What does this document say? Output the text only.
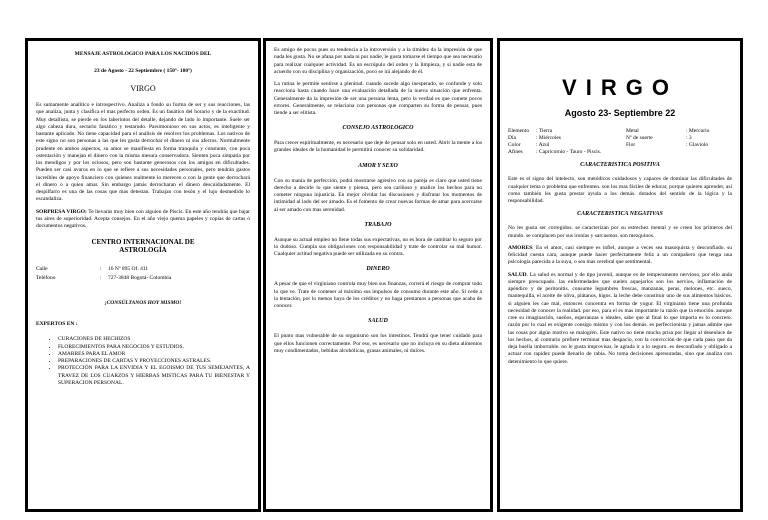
MENSAJE ASTROLOGICO PARA LOS NACIDOS DEL
23 de Agosto - 22 Septiembre ( 150º- 180º)
VIRGO

Es sumamente analítico e introspectivo. Analiza a fondo su forma de ser y sus reacciones, las que analiza, junta y clasifica el mas perfecto orden. Es un fanático del horario y de la exactitud. Muy detallista, se pierde en los laberintos del detalle, dejando de lado lo importante. Suele ser algo cabeza dura, sectario fanático y testarudo. Parsimonioso en sus actos, es inteligente y bastante aplicado. No tiene capacidad para el análisis de resolver los problemas. Los nativos de este signo no son personas a las que les gusta derrochar el dinero ni sus afectos. Normalmente prudente en ambos aspectos, su amor se manifiesta en forma tranquila y constante, con poca ostentación y manejan el dinero con la misma mesura conservadora. Sienten poca simpatía por los mendigos y por los ociosos, pero son bastante generosos con los amigos en dificultades. Pueden ser casi avaros en lo que se refiere a sus necesidades personales, pero tendrán gastos increíbles de apoyo financiero con quienes realmente lo merecen o con la gente que derrochará el dinero o a quien amar. Sin embargo jamás derrocharan el dinero descuidadamente. El despilfarro es una de las cosas que mas detestan. Trabajan con tesón y el lujo desmedido lo escandaliza.

SORPRESA VIRGO: Te llevarás muy bien con alguien de Piscis. En este año tendrás que bajar tus aires de superioridad. Acepta consejos. En el año viejo quema papeles y copias de cartas o documentos negativos.

CENTRO INTERNACIONAL DE
ASTROLOGÍA
Calle	:	16 Nº 895 Of. 411
Teléfono	:	727-3848 Bogotá- Colombia
¡CONSÚLTANOS HOY MISMO!
EXPERTOS EN :
• CURACIONES DE HECHIZOS
• FLORECIMIENTOS PARA NEGOCIOS Y ESTUDIOS.
• AMARRES PARA EL AMOR
• PREPARACIONES DE CARTAS Y PROYECCIONES ASTRALES.
• PROTECCIÓN PARA LA ENVIDIA Y EL EGOISMO DE TUS SEMEJANTES, A TRAVEZ DE LOS CUARZOS Y HIERBAS MISTICAS PARA TU BIENESTAR Y SUPERACION PERSONAL.

Es amigo de pocos pues su tendencia a la introversión y a la timidez da la impresión de que nada les gusta. No se afana por nada ni por nadie, le gusta tomarse el tiempo que sea necesario para realizar cualquier actividad. Es un escrúpulo del orden y la limpieza, y si nadie esta de acuerdo con su disciplina y organización, poco se irá alejando de él.

La rutina le permite sentirse a plenitud. cuando sucede algo inesperado, se confunde y solo reacciona hasta cuando hace una evaluación detallada de la nueva situación que enfrenta. Generalmente da la impresión de ser una persona lenta, pero la verdad es que comete pocos errores. Generalmente, se relaciona con personas que comparten su forma de pensar, pues tiende a ser elitista.

CONSEJO ASTROLOGICO

Para crecer espiritualmente, es necesario que deje de pensar solo en usted. Abrir la mente a los grandes ideales de la humanidad le permitirá conocer su solidaridad.

AMOR Y SEXO

Con su manía de perfección, podrá mostrarse agresivo con su pareja es claro que usted tiene derecho a decirle lo que siente y piensa, pero sea cariñoso y analice los hechos para no cometer ninguna injusticia. En mejor olvidar las discusiones y disfrutar los momentos de intimidad al lado del ser amado. Es el fomento de crear nuevas formas de amar para acercarse al ser amado con mas serenidad.

TRABAJO

Aunque su actual empleo no llene todas sus expectativas, no es hora de cambiar lo seguro por lo dudoso. Cumpla sus obligaciones con responsabilidad y trate de controlar su mal humor. Cualquier actitud negativa puede ser utilizada en su contra.

DINERO

A pesar de que el virginiano controla muy bien sus finanzas, correrá el riesgo de comprar todo lo que ve. Trate de contener al máximo sus impulsos de consumo durante este año. Si cede a la tentación, por lo menos huya de los créditos y no haga prestamos a personas que acaba de conocer.

SALUD

El punto mas vulnerable de su organismo son los intestinos. Tendrá que tener cuidado para que ellos funcionen correctamente. Por eso, es necesario que no incluya en su dieta alimentos muy condimentados, bebidas alcohólicas, grasas animales, ni dulces.

VIRGO
Agosto 23- Septiembre 22
Elemento	: Tierra	Metal	: Mercurio
Día	: Miércoles	Nº de suerte	: 3
Color	: Azul	Flor	: Glavíolo
Afines	: Capricornio - Tauro - Piscis.
CARACTERISTICA POSITIVA

Este es el signo del intelecto, son metódicos cuidadosos y capaces de dominar las dificultades de cualquier tema o problema que enfrenten. son los mas fáciles de educar, porque quieren aprender, así como también les gusta prestar ayuda a los demás. dotados del sentido de la lógica y la responsabilidad.

CARACTERISTICA NEGATIVAS

No les gusta ser corregidos. se caracterizan por su estrechez mental y se creen los primeros del mundo. se complacen por sus ironías y sarcasmos. son mezquinos.

AMORES: En el amor, casi siempre es infiel, aunque a veces sea masoquista y desconfiado. su felicidad cuesta cara, aunque puede hacer perfectamente feliz a un compañero que tenga una psicología parecida a la suya, o sea mas cerebral que sentimental.

SALUD. La salud es normal y de tipo juvenil, aunque es de temperamento nervioso, por ello anda siempre preocupado. las enfermedades que suelen aquejarlos son los nervios, inflamación de apéndice y de peritonitis. consume legumbres frescas, manzanas, peras, melones, etc. sueco, mantequilla, el aceite de oliva, plátanos, higos. la leche debe constituir uno de sus alimentos básicos. si alguien les cae mal, entonces concentra en forma de yogur. El virginiano tiene una profunda necesidad de conocer la realidad. por eso, para el es mas importante la razón que la emoción. aunque cree su imaginación, sueños, esperanzas o ideales, sabe que al final lo que importa es lo concreto. razón por lo cual es exigente consigo mismo y con los demás. es perfeccionista y jamas admite que las cosas por algún motivo se malogren. Este nativo no tiene mucha prisa por llegar al desenlace de los hechos, al contrario prefiere terminar mas despacio, con la convicción de que cada paso que da deja huella imborrable. no le gusta improvisar, le agrada ir a lo seguro. es desconfiado y obligado a actuar con rapidez puede llenarlo de rabia. No toma decisiones apresuradas, sino que analiza con detenimiento lo que quiere.
